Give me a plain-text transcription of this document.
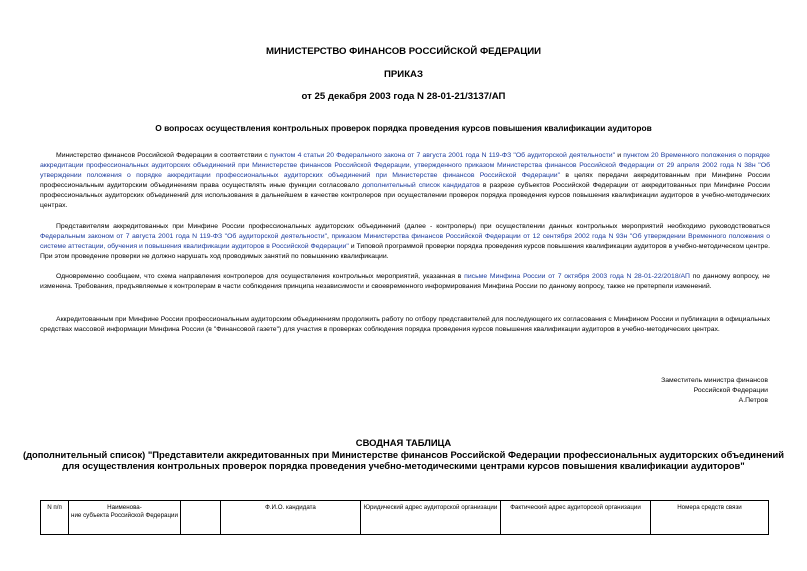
МИНИСТЕРСТВО ФИНАНСОВ РОССИЙСКОЙ ФЕДЕРАЦИИ
ПРИКАЗ
от 25 декабря 2003 года N 28-01-21/3137/АП
О вопросах осуществления контрольных проверок порядка проведения курсов повышения квалификации аудиторов

Министерство финансов Российской Федерации в соответствии с пунктом 4 статьи 20 Федерального закона от 7 августа 2001 года N 119-ФЗ "Об аудиторской деятельности" и пунктом 20 Временного положения о порядке аккредитации профессиональных аудиторских объединений при Министерстве финансов Российской Федерации, утвержденного приказом Министерства финансов Российской Федерации от 29 апреля 2002 года N 38н "Об утверждении положения о порядке аккредитации профессиональных аудиторских объединений при Министерстве финансов Российской Федерации" в целях передачи аккредитованным при Минфине России профессиональным аудиторским объединениям права осуществлять иные функции согласовало дополнительный список кандидатов в разрезе субъектов Российской Федерации от аккредитованных при Минфине России профессиональных аудиторских объединений для использования в дальнейшем в качестве контролеров при осуществлении проверок порядка проведения курсов повышения квалификации аудиторов в учебно-методических центрах.

Представителям аккредитованных при Минфине России профессиональных аудиторских объединений (далее - контролеры) при осуществлении данных контрольных мероприятий необходимо руководствоваться Федеральным законом от 7 августа 2001 года N 119-ФЗ "Об аудиторской деятельности", приказом Министерства финансов Российской Федерации от 12 сентября 2002 года N 93н "Об утверждении Временного положения о системе аттестации, обучения и повышения квалификации аудиторов в Российской Федерации" и Типовой программой проверки порядка проведения курсов повышения квалификации аудиторов в учебно-методическом центре. При этом проведение проверки не должно нарушать ход проводимых занятий по повышению квалификации.

Одновременно сообщаем, что схема направления контролеров для осуществления контрольных мероприятий, указанная в письме Минфина России от 7 октября 2003 года N 28-01-22/2018/АП по данному вопросу, не изменена. Требования, предъявляемые к контролерам в части соблюдения принципа независимости и своевременного информирования Минфина России по данному вопросу, также не претерпели изменений.

Аккредитованным при Минфине России профессиональным аудиторским объединениям продолжить работу по отбору представителей для последующего их согласования с Минфином России и публикации в официальных средствах массовой информации Минфина России (в "Финансовой газете") для участия в проверках соблюдения порядка проведения курсов повышения квалификации аудиторов в учебно-методических центрах.

Заместитель министра финансов
Российской Федерации
А.Петров
СВОДНАЯ ТАБЛИЦА
(дополнительный список) "Представители аккредитованных при Министерстве финансов Российской Федерации профессиональных аудиторских объединений
для осуществления контрольных проверок порядка проведения учебно-методическими центрами курсов повышения квалификации аудиторов"
N п/п	Наименова-
ние субъекта Российской Федерации		Ф.И.О. кандидата	Юридический адрес аудиторской организации	Фактический адрес аудиторской организации	Номера средств связи
